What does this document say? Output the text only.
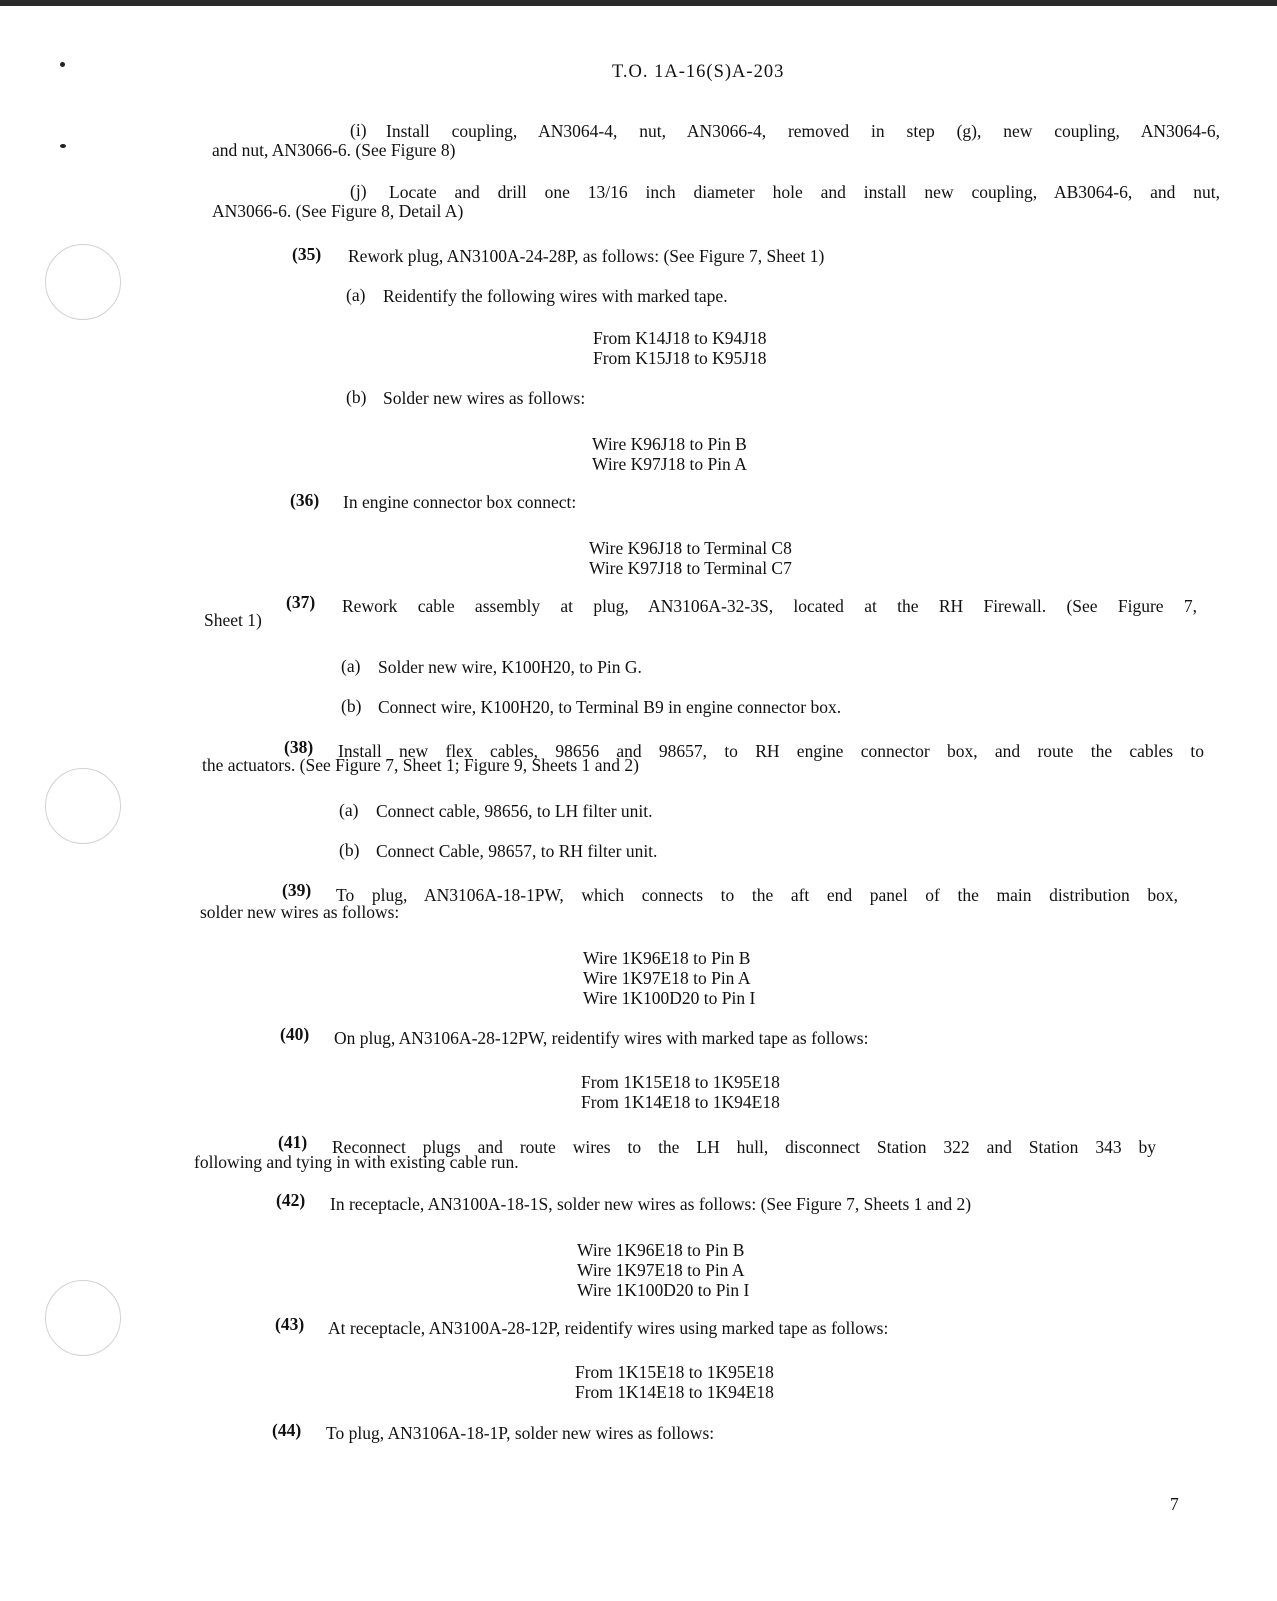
T.O. 1A-16(S)A-203
(i) Install coupling, AN3064-4, nut, AN3066-4, removed in step (g), new coupling, AN3064-6,
and nut, AN3066-6. (See Figure 8)
(j) Locate and drill one 13/16 inch diameter hole and install new coupling, AB3064-6, and nut,
AN3066-6. (See Figure 8, Detail A)
(35) Rework plug, AN3100A-24-28P, as follows: (See Figure 7, Sheet 1)
(a) Reidentify the following wires with marked tape.
From K14J18 to K94J18
From K15J18 to K95J18
(b) Solder new wires as follows:
Wire K96J18 to Pin B
Wire K97J18 to Pin A
(36) In engine connector box connect:
Wire K96J18 to Terminal C8
Wire K97J18 to Terminal C7
(37) Rework cable assembly at plug, AN3106A-32-3S, located at the RH Firewall. (See Figure 7,
Sheet 1)
(a) Solder new wire, K100H20, to Pin G.
(b) Connect wire, K100H20, to Terminal B9 in engine connector box.
(38) Install new flex cables, 98656 and 98657, to RH engine connector box, and route the cables to
the actuators. (See Figure 7, Sheet 1; Figure 9, Sheets 1 and 2)
(a) Connect cable, 98656, to LH filter unit.
(b) Connect Cable, 98657, to RH filter unit.
(39) To plug, AN3106A-18-1PW, which connects to the aft end panel of the main distribution box,
solder new wires as follows:
Wire 1K96E18 to Pin B
Wire 1K97E18 to Pin A
Wire 1K100D20 to Pin I
(40) On plug, AN3106A-28-12PW, reidentify wires with marked tape as follows:
From 1K15E18 to 1K95E18
From 1K14E18 to 1K94E18
(41) Reconnect plugs and route wires to the LH hull, disconnect Station 322 and Station 343 by
following and tying in with existing cable run.
(42) In receptacle, AN3100A-18-1S, solder new wires as follows: (See Figure 7, Sheets 1 and 2)
Wire 1K96E18 to Pin B
Wire 1K97E18 to Pin A
Wire 1K100D20 to Pin I
(43) At receptacle, AN3100A-28-12P, reidentify wires using marked tape as follows:
From 1K15E18 to 1K95E18
From 1K14E18 to 1K94E18
(44) To plug, AN3106A-18-1P, solder new wires as follows:
7
